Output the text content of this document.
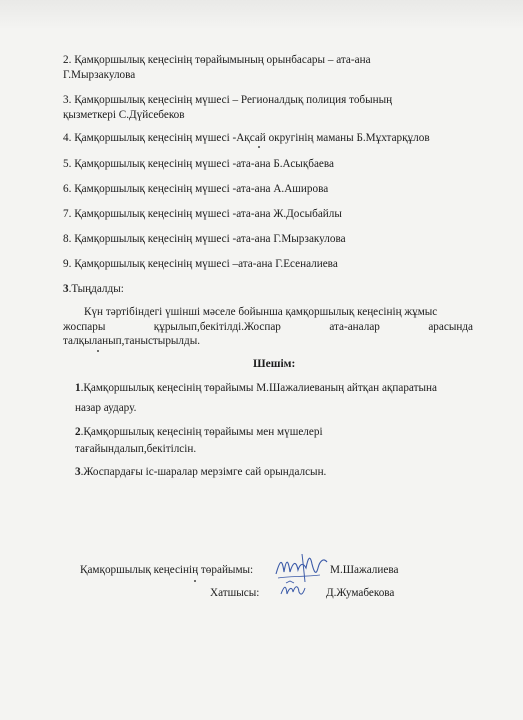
2. Қамқоршылық кеңесінің төрайымының орынбасары – ата-ана
Г.Мырзакулова
3. Қамқоршылық кеңесінің мүшесі – Регионалдық полиция тобының
қызметкері С.Дүйсебеков
4. Қамқоршылық кеңесінің мүшесі -Ақсай округінің маманы Б.Мұхтарқұлов
5. Қамқоршылық кеңесінің мүшесі -ата-ана Б.Асықбаева
6. Қамқоршылық кеңесінің мүшесі -ата-ана А.Аширова
7. Қамқоршылық кеңесінің мүшесі -ата-ана Ж.Досыбайлы
8. Қамқоршылық кеңесінің мүшесі -ата-ана Г.Мырзакулова
9. Қамқоршылық кеңесінің мүшесі –ата-ана Г.Есеналиева
3.Тыңдалды:
Күн тәртібіндегі үшінші мәселе бойынша қамқоршылық кеңесінің жұмыс
жоспары	құрылып,бекітілді.Жоспар	ата-аналар	арасында
талқыланып,таныстырылды.
Шешім:
1.Қамқоршылық кеңесінің төрайымы М.Шажалиеваның айтқан ақпаратына
назар аудару.
2.Қамқоршылық кеңесінің төрайымы мен мүшелері
тағайындалып,бекітілсін.
3.Жоспардағы іс-шаралар мерзімге сай орындалсын.
Қамқоршылық кеңесінің төрайымы:	М.Шажалиева
Хатшысы:	Д.Жумабекова
